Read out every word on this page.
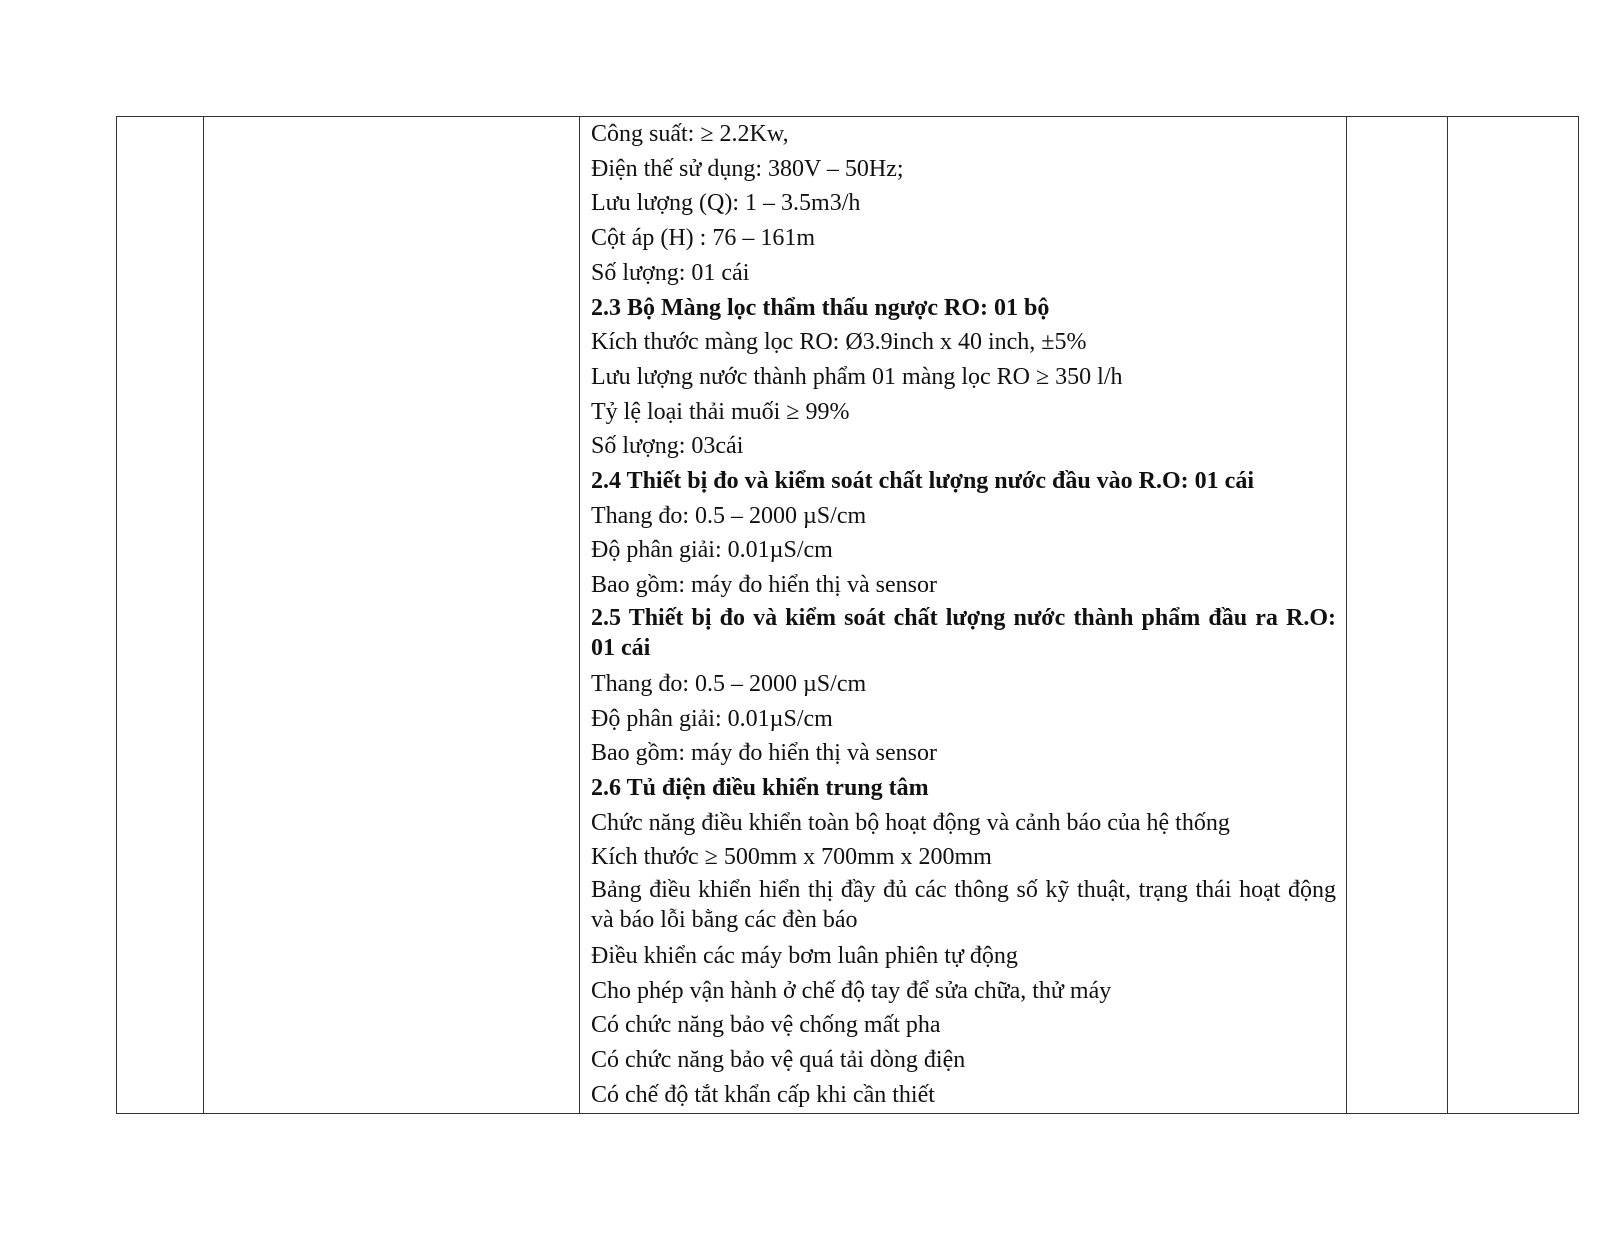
Công suất: ≥ 2.2Kw,

Điện thế sử dụng: 380V – 50Hz;

Lưu lượng (Q): 1 – 3.5m3/h

Cột áp (H) : 76 – 161m

Số lượng: 01 cái

2.3 Bộ Màng lọc thẩm thấu ngược RO: 01 bộ

Kích thước màng lọc RO: Ø3.9inch x 40 inch, ±5%

Lưu lượng nước thành phẩm 01 màng lọc RO ≥ 350 l/h

Tỷ lệ loại thải muối ≥ 99%

Số lượng: 03cái

2.4 Thiết bị đo và kiểm soát chất lượng nước đầu vào R.O: 01 cái

Thang đo: 0.5 – 2000 µS/cm

Độ phân giải: 0.01µS/cm

Bao gồm: máy đo hiển thị và sensor

2.5 Thiết bị đo và kiểm soát chất lượng nước thành phẩm đầu ra R.O: 01 cái

Thang đo: 0.5 – 2000 µS/cm

Độ phân giải: 0.01µS/cm

Bao gồm: máy đo hiển thị và sensor

2.6 Tủ điện điều khiển trung tâm

Chức năng điều khiển toàn bộ hoạt động và cảnh báo của hệ thống

Kích thước ≥ 500mm x 700mm x 200mm

Bảng điều khiển hiển thị đầy đủ các thông số kỹ thuật, trạng thái hoạt động và báo lỗi bằng các đèn báo

Điều khiển các máy bơm luân phiên tự động

Cho phép vận hành ở chế độ tay để sửa chữa, thử máy

Có chức năng bảo vệ chống mất pha

Có chức năng bảo vệ quá tải dòng điện

Có chế độ tắt khẩn cấp khi cần thiết
